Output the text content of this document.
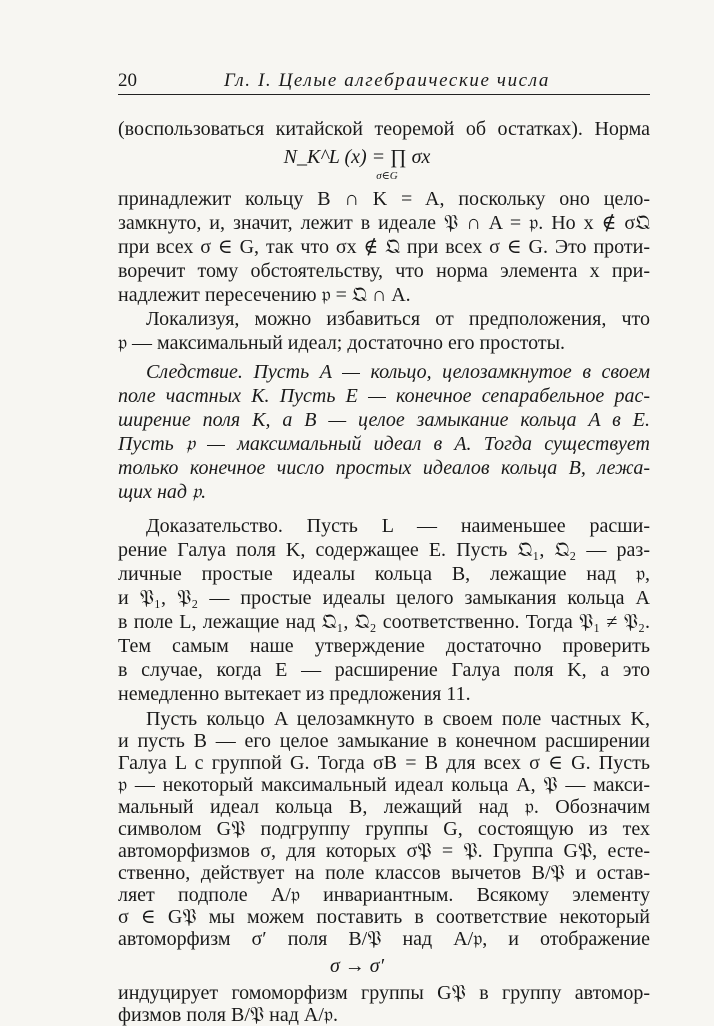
20	Гл. I. Целые алгебраические числа
(воспользоваться китайской теоремой об остатках). Норма
N_K^L (x) = ∏ σx
σ∈G
принадлежит кольцу B ∩ K = A, поскольку оно цело-
замкнуто, и, значит, лежит в идеале 𝔓 ∩ A = 𝔭. Но x ∉ σ𝔔
при всех σ ∈ G, так что σx ∉ 𝔔 при всех σ ∈ G. Это проти-
воречит тому обстоятельству, что норма элемента x при-
надлежит пересечению 𝔭 = 𝔔 ∩ A.
Локализуя, можно избавиться от предположения, что
𝔭 — максимальный идеал; достаточно его простоты.
Следствие. Пусть A — кольцо, целозамкнутое в своем
поле частных K. Пусть E — конечное сепарабельное рас-
ширение поля K, а B — целое замыкание кольца A в E.
Пусть 𝔭 — максимальный идеал в A. Тогда существует
только конечное число простых идеалов кольца B, лежа-
щих над 𝔭.
Доказательство. Пусть L — наименьшее расши-
рение Галуа поля K, содержащее E. Пусть 𝔔₁, 𝔔₂ — раз-
личные простые идеалы кольца B, лежащие над 𝔭,
и 𝔓₁, 𝔓₂ — простые идеалы целого замыкания кольца A
в поле L, лежащие над 𝔔₁, 𝔔₂ соответственно. Тогда 𝔓₁ ≠ 𝔓₂.
Тем самым наше утверждение достаточно проверить
в случае, когда E — расширение Галуа поля K, а это
немедленно вытекает из предложения 11.
Пусть кольцо A целозамкнуто в своем поле частных K,
и пусть B — его целое замыкание в конечном расширении
Галуа L с группой G. Тогда σB = B для всех σ ∈ G. Пусть
𝔭 — некоторый максимальный идеал кольца A, 𝔓 — макси-
мальный идеал кольца B, лежащий над 𝔭. Обозначим
символом G𝔓 подгруппу группы G, состоящую из тех
автоморфизмов σ, для которых σ𝔓 = 𝔓. Группа G𝔓, есте-
ственно, действует на поле классов вычетов B/𝔓 и остав-
ляет подполе A/𝔭 инвариантным. Всякому элементу
σ ∈ G𝔓 мы можем поставить в соответствие некоторый
автоморфизм σ′ поля B/𝔓 над A/𝔭, и отображение
σ → σ′
индуцирует гомоморфизм группы G𝔓 в группу автомор-
физмов поля B/𝔓 над A/𝔭.
